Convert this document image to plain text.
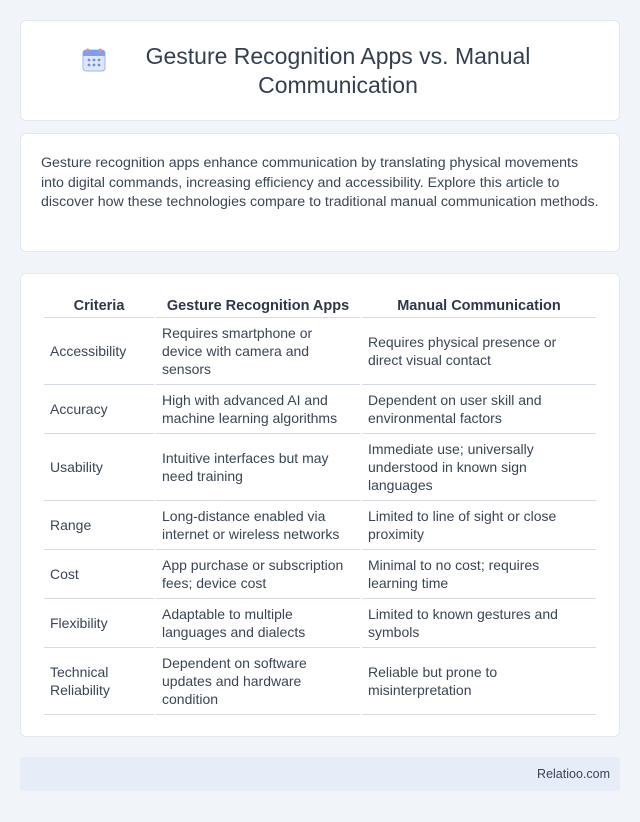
Gesture Recognition Apps vs. Manual Communication

Gesture recognition apps enhance communication by translating physical movements into digital commands, increasing efficiency and accessibility. Explore this article to discover how these technologies compare to traditional manual communication methods.

Criteria	Gesture Recognition Apps	Manual Communication
Accessibility	Requires smartphone or device with camera and sensors	Requires physical presence or direct visual contact
Accuracy	High with advanced AI and machine learning algorithms	Dependent on user skill and environmental factors
Usability	Intuitive interfaces but may need training	Immediate use; universally understood in known sign languages
Range	Long-distance enabled via internet or wireless networks	Limited to line of sight or close proximity
Cost	App purchase or subscription fees; device cost	Minimal to no cost; requires learning time
Flexibility	Adaptable to multiple languages and dialects	Limited to known gestures and symbols
Technical Reliability	Dependent on software updates and hardware condition	Reliable but prone to misinterpretation
Relatioo.com
